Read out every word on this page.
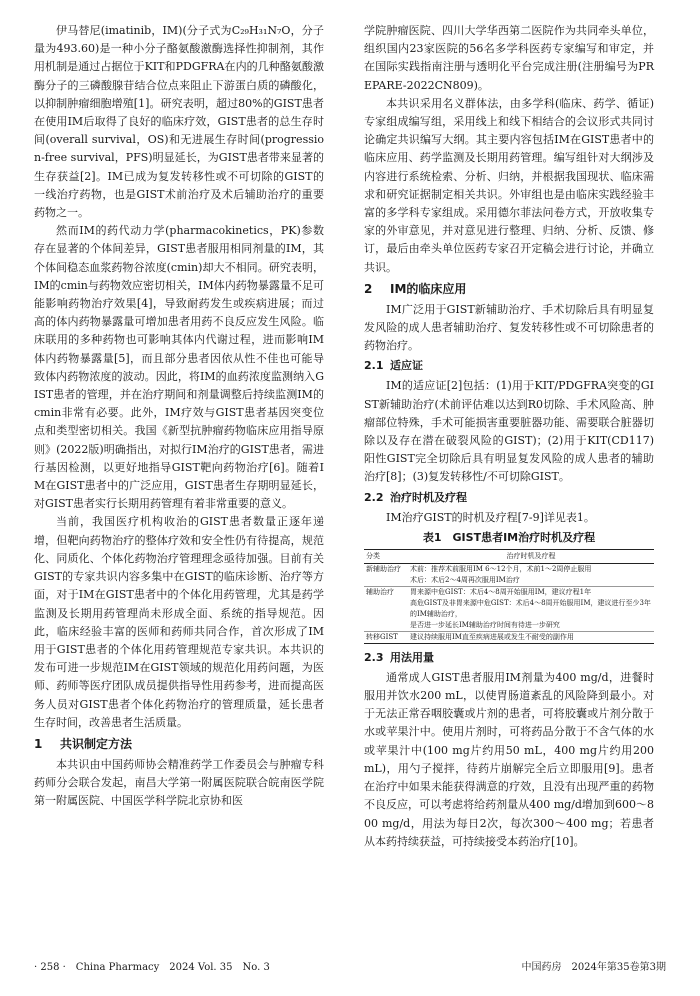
伊马替尼(imatinib，IM)(分子式为C₂₉H₃₁N₇O，分子量为493.60)是一种小分子酪氨酸激酶选择性抑制剂，其作用机制是通过占据位于KIT和PDGFRA在内的几种酪氨酸激酶分子的三磷酸腺苷结合位点来阻止下游蛋白质的磷酸化，以抑制肿瘤细胞增殖[1]。研究表明，超过80%的GIST患者在使用IM后取得了良好的临床疗效，GIST患者的总生存时间(overall survival，OS)和无进展生存时间(progression-free survival，PFS)明显延长，为GIST患者带来显著的生存获益[2]。IM已成为复发转移性或不可切除的GIST的一线治疗药物，也是GIST术前治疗及术后辅助治疗的重要药物之一。

然而IM的药代动力学(pharmacokinetics，PK)参数存在显著的个体间差异，GIST患者服用相同剂量的IM，其个体间稳态血浆药物谷浓度(cmin)却大不相同。研究表明，IM的cmin与药物效应密切相关，IM体内药物暴露量不足可能影响药物治疗效果[4]，导致耐药发生或疾病进展；而过高的体内药物暴露量可增加患者用药不良反应发生风险。临床联用的多种药物也可影响其体内代谢过程，进而影响IM体内药物暴露量[5]，而且部分患者因依从性不佳也可能导致体内药物浓度的波动。因此，将IM的血药浓度监测纳入GIST患者的管理，并在治疗期间和剂量调整后持续监测IM的cmin非常有必要。此外，IM疗效与GIST患者基因突变位点和类型密切相关。我国《新型抗肿瘤药物临床应用指导原则》(2022版)明确指出，对拟行IM治疗的GIST患者，需进行基因检测，以更好地指导GIST靶向药物治疗[6]。随着IM在GIST患者中的广泛应用，GIST患者生存期明显延长，对GIST患者实行长期用药管理有着非常重要的意义。

当前，我国医疗机构收治的GIST患者数量正逐年递增，但靶向药物治疗的整体疗效和安全性仍有待提高，规范化、同质化、个体化药物治疗管理理念亟待加强。目前有关GIST的专家共识内容多集中在GIST的临床诊断、治疗等方面，对于IM在GIST患者中的个体化用药管理，尤其是药学监测及长期用药管理尚未形成全面、系统的指导规范。因此，临床经验丰富的医师和药师共同合作，首次形成了IM用于GIST患者的个体化用药管理规范专家共识。本共识的发布可进一步规范IM在GIST领域的规范化用药问题，为医师、药师等医疗团队成员提供指导性用药参考，进而提高医务人员对GIST患者个体化药物治疗的管理质量，延长患者生存时间，改善患者生活质量。

1 共识制定方法

本共识由中国药师协会精准药学工作委员会与肿瘤专科药师分会联合发起，南昌大学第一附属医院联合皖南医学院第一附属医院、中国医学科学院北京协和医

学院肿瘤医院、四川大学华西第二医院作为共同牵头单位，组织国内23家医院的56名多学科医药专家编写和审定，并在国际实践指南注册与透明化平台完成注册(注册编号为PREPARE-2022CN809)。

本共识采用名义群体法，由多学科(临床、药学、循证)专家组成编写组，采用线上和线下相结合的会议形式共同讨论确定共识编写大纲。其主要内容包括IM在GIST患者中的临床应用、药学监测及长期用药管理。编写组针对大纲涉及内容进行系统检索、分析、归纳，并根据我国现状、临床需求和研究证据制定相关共识。外审组也是由临床实践经验丰富的多学科专家组成。采用德尔菲法问卷方式，开放收集专家的外审意见，并对意见进行整理、归纳、分析、反馈、修订，最后由牵头单位医药专家召开定稿会进行讨论，并确立共识。

2 IM的临床应用

IM广泛用于GIST新辅助治疗、手术切除后具有明显复发风险的成人患者辅助治疗、复发转移性或不可切除患者的药物治疗。

2.1 适应证

IM的适应证[2]包括：(1)用于KIT/PDGFRA突变的GIST新辅助治疗(术前评估难以达到R0切除、手术风险高、肿瘤部位特殊，手术可能损害重要脏器功能、需要联合脏器切除以及存在潜在破裂风险的GIST)；(2)用于KIT(CD117)阳性GIST完全切除后具有明显复发风险的成人患者的辅助治疗[8]；(3)复发转移性/不可切除GIST。

2.2 治疗时机及疗程

IM治疗GIST的时机及疗程[7-9]详见表1。

表1　GIST患者IM治疗时机及疗程
分类	治疗时机及疗程
新辅助治疗	术前：推荐术前服用IM 6～12个月，术前1～2周停止服用
	术后：术后2～4周再次服用IM治疗
辅助治疗	胃来源中危GIST：术后4～8周开始服用IM，建议疗程1年
	高危GIST及非胃来源中危GIST：术后4～8周开始服用IM，建议进行至少3年的IM辅助治疗，
	是否进一步延长IM辅助治疗时间有待进一步研究
转移GIST	建议持续服用IM直至疾病进展或发生不耐受的副作用
2.3 用法用量

通常成人GIST患者服用IM剂量为400 mg/d，进餐时服用并饮水200 mL，以使胃肠道紊乱的风险降到最小。对于无法正常吞咽胶囊或片剂的患者，可将胶囊或片剂分散于水或苹果汁中。使用片剂时，可将药品分散于不含气体的水或苹果汁中(100 mg片约用50 mL，400 mg片约用200 mL)，用勺子搅拌，待药片崩解完全后立即服用[9]。患者在治疗中如果未能获得满意的疗效，且没有出现严重的药物不良反应，可以考虑将给药剂量从400 mg/d增加到600～800 mg/d，用法为每日2次，每次300～400 mg；若患者从本药持续获益，可持续接受本药治疗[10]。

· 258 ·　China Pharmacy　2024 Vol. 35　No. 3	中国药房　2024年第35卷第3期
